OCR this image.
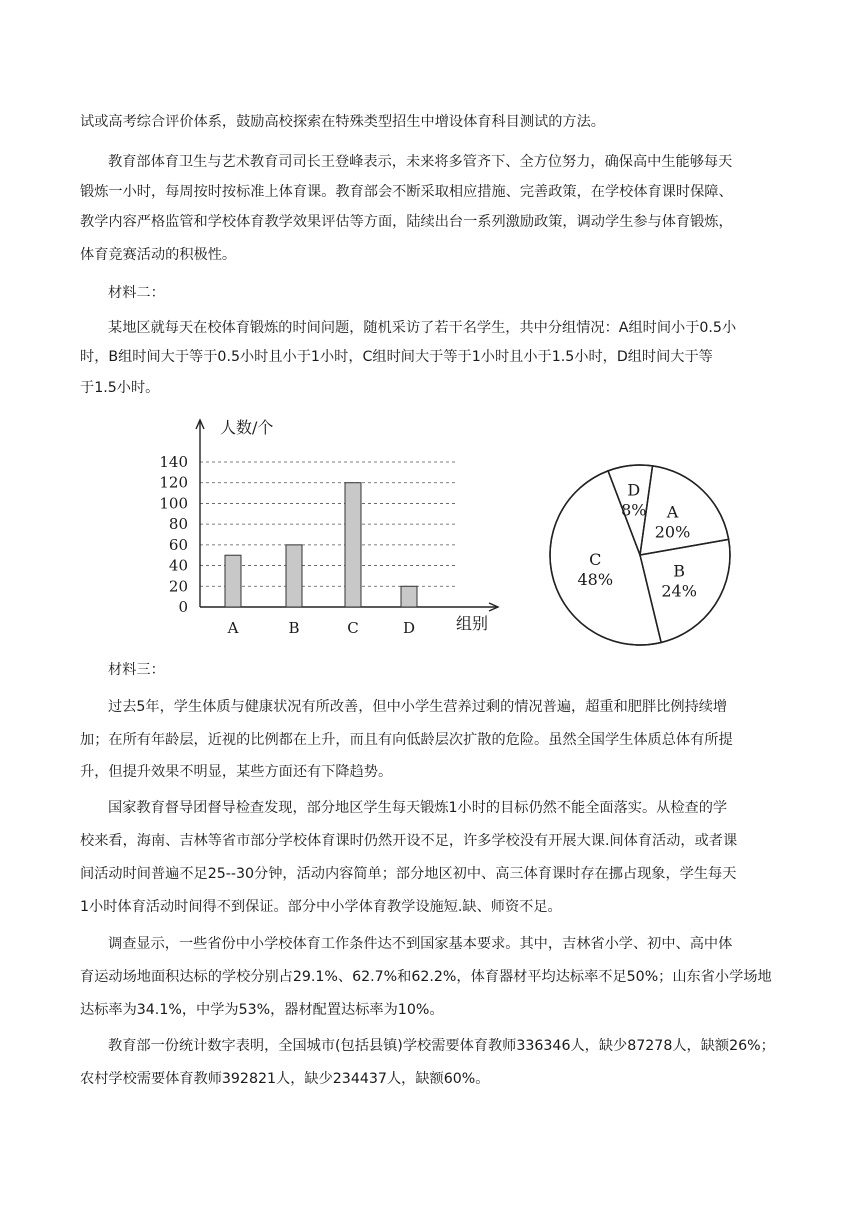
试或高考综合评价体系，鼓励高校探索在特殊类型招生中增设体育科目测试的方法。

教育部体育卫生与艺术教育司司长王登峰表示，未来将多管齐下、全方位努力，确保高中生能够每天

锻炼一小时，每周按时按标准上体育课。教育部会不断采取相应措施、完善政策，在学校体育课时保障、

教学内容严格监管和学校体育教学效果评估等方面，陆续出台一系列激励政策，调动学生参与体育锻炼，

体育竞赛活动的积极性。

材料二：

某地区就每天在校体育锻炼的时间问题，随机采访了若干名学生，共中分组情况：A组时间小于0.5小

时，B组时间大于等于0.5小时且小于1小时，C组时间大于等于1小时且小于1.5小时，D组时间大于等

于1.5小时。

0
20
40
60
80
100
120
140
人数/个
组别
A	B	C	D
A
20%
B
24%
C
48%
D
8%

材料三：

过去5年，学生体质与健康状况有所改善，但中小学生营养过剩的情况普遍，超重和肥胖比例持续增

加；在所有年龄层，近视的比例都在上升，而且有向低龄层次扩散的危险。虽然全国学生体质总体有所提

升，但提升效果不明显，某些方面还有下降趋势。

国家教育督导团督导检查发现，部分地区学生每天锻炼1小时的目标仍然不能全面落实。从检查的学

校来看，海南、吉林等省市部分学校体育课时仍然开设不足，许多学校没有开展大课.间体育活动，或者课

间活动时间普遍不足25--30分钟，活动内容简单；部分地区初中、高三体育课时存在挪占现象，学生每天

1小时体育活动时间得不到保证。部分中小学体育教学设施短.缺、师资不足。

调查显示，一些省份中小学校体育工作条件达不到国家基本要求。其中，吉林省小学、初中、高中体

育运动场地面积达标的学校分别占29.1%、62.7%和62.2%，体育器材平均达标率不足50%；山东省小学场地

达标率为34.1%，中学为53%，器材配置达标率为10%。

教育部一份统计数字表明，全国城市(包括县镇)学校需要体育教师336346人，缺少87278人，缺额26%；

农村学校需要体育教师392821人，缺少234437人，缺额60%。
